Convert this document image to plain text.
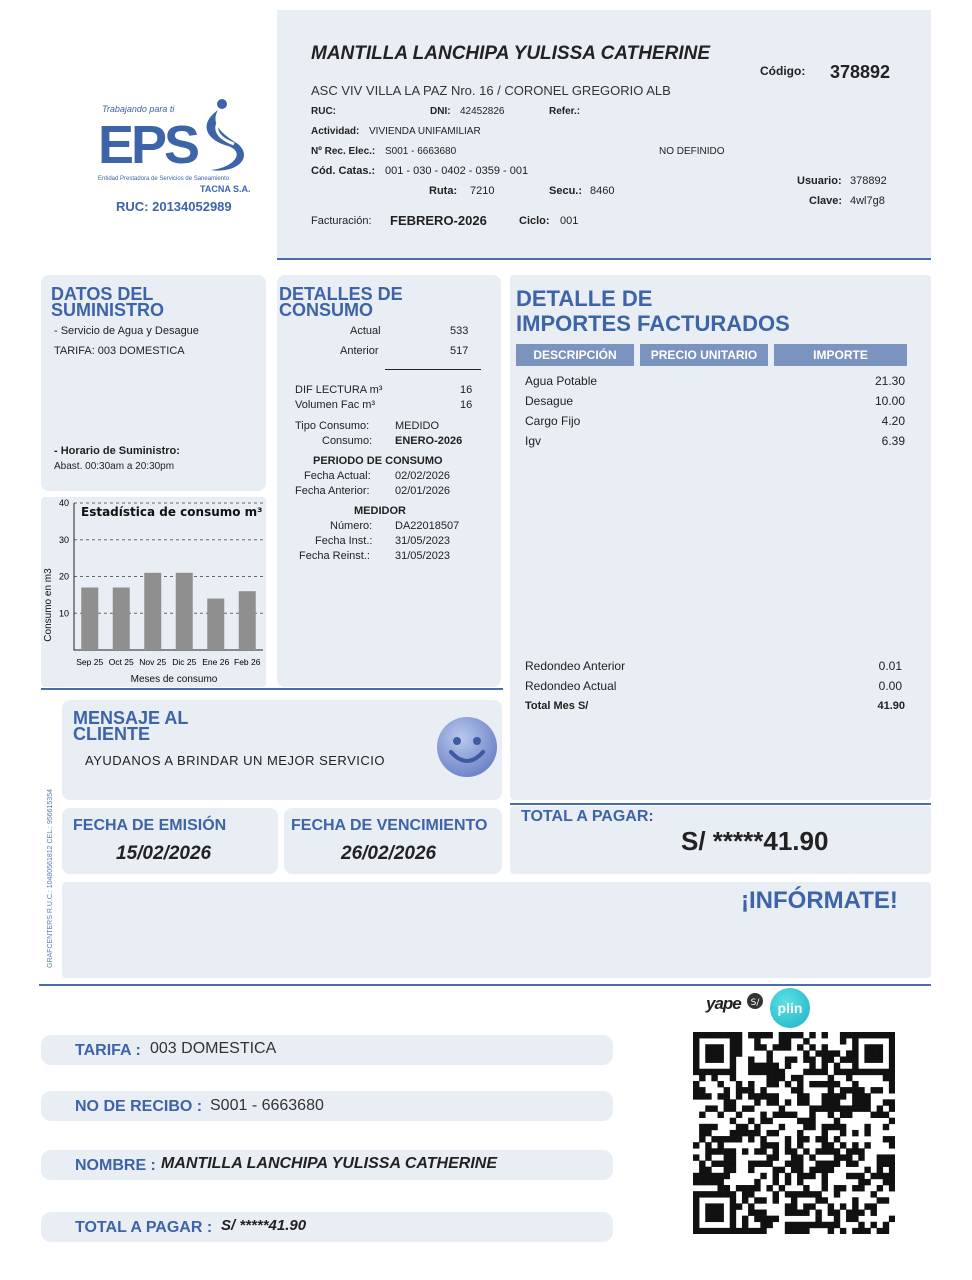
Trabajando para ti
EPS
Entidad Prestadora de Servicios de Saneamiento
TACNA S.A.
RUC: 20134052989
MANTILLA LANCHIPA YULISSA CATHERINE
Código: 378892
ASC VIV VILLA LA PAZ Nro. 16 / CORONEL GREGORIO ALB
RUC:	DNI: 42452826	Refer.:
Actividad: VIVIENDA UNIFAMILIAR
Nº Rec. Elec.: S001 - 6663680	NO DEFINIDO
Cód. Catas.: 001 - 030 - 0402 - 0359 - 001
Ruta: 7210	Secu.: 8460
Usuario: 378892
Clave: 4wl7g8
Facturación: FEBRERO-2026	Ciclo: 001
DATOS DEL
SUMINISTRO
- Servicio de Agua y Desague
TARIFA: 003 DOMESTICA
- Horario de Suministro:
Abast. 00:30am a 20:30pm
10
20
30
40
Sep 25 Oct 25 Nov 25 Dic 25 Ene 26 Feb 26
Estadística de consumo m³
Consumo en m3
Meses de consumo
DETALLES DE
CONSUMO
Actual	533
Anterior	517
DIF LECTURA m³	16
Volumen Fac m³	16
Tipo Consumo: MEDIDO
Consumo: ENERO-2026
PERIODO DE CONSUMO
Fecha Actual: 02/02/2026
Fecha Anterior: 02/01/2026
MEDIDOR
Número: DA22018507
Fecha Inst.: 31/05/2023
Fecha Reinst.: 31/05/2023
DETALLE DE
IMPORTES FACTURADOS
DESCRIPCIÓN	PRECIO UNITARIO	IMPORTE
Agua Potable	21.30
Desague	10.00
Cargo Fijo	4.20
Igv	6.39
Redondeo Anterior	0.01
Redondeo Actual	0.00
Total Mes S/	41.90
MENSAJE AL
CLIENTE
AYUDANOS A BRINDAR UN MEJOR SERVICIO
GRAFCENTERS R.U.C.: 10480561812 CEL.: 956615354 FECHA DE EMISIÓN
15/02/2026
FECHA DE VENCIMIENTO
26/02/2026
TOTAL A PAGAR:
S/ *****41.90
¡INFÓRMATE!
yape S/ plin
TARIFA : 003 DOMESTICA
NO DE RECIBO : S001 - 6663680
NOMBRE : MANTILLA LANCHIPA YULISSA CATHERINE
TOTAL A PAGAR : S/ *****41.90
